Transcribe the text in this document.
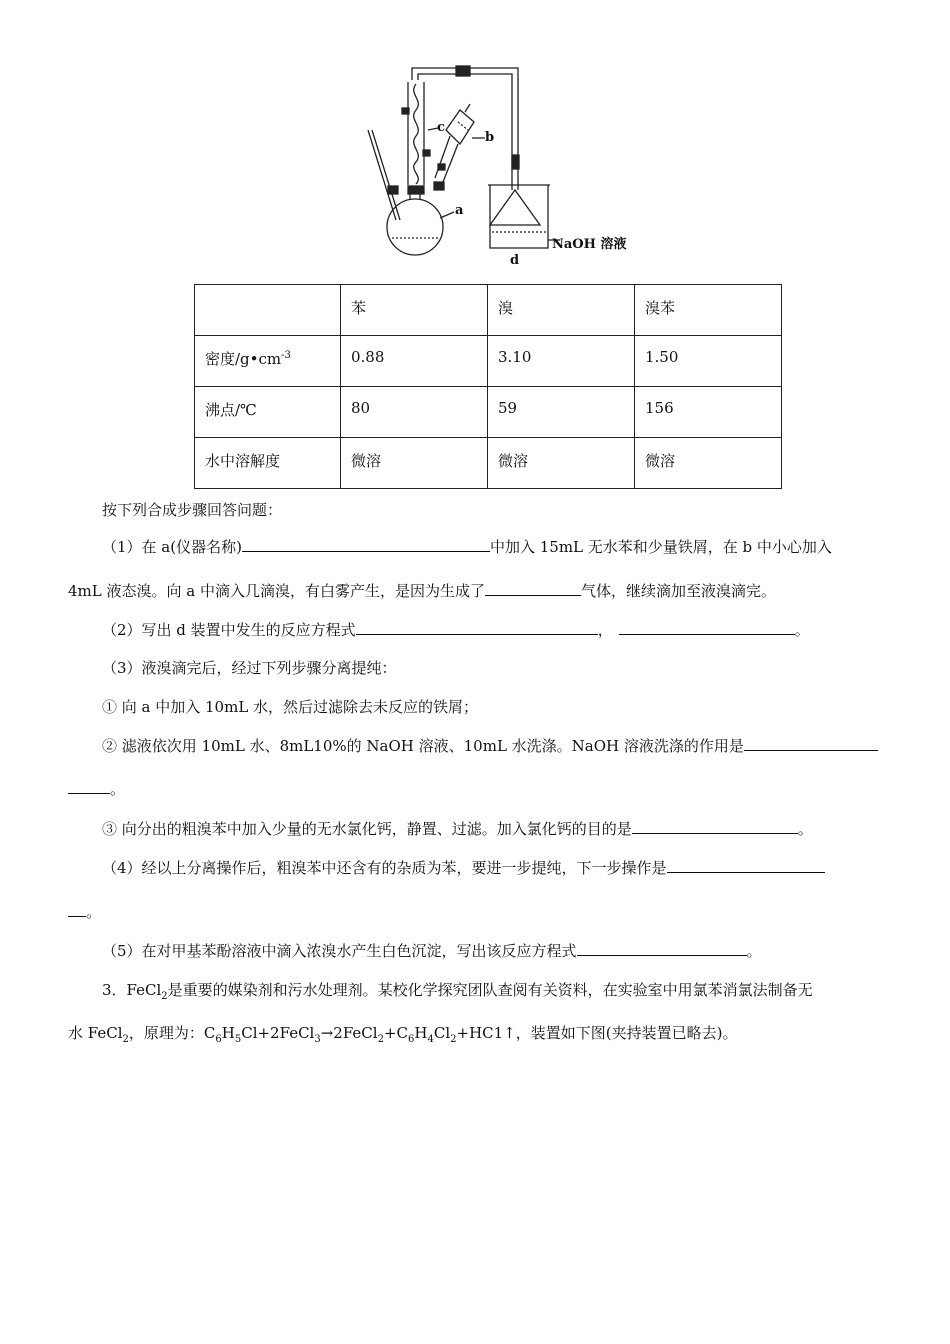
c
b
a
NaOH 溶液
d
	苯	溴	溴苯
密度$/g•cm^{-3}$	0.88	3.10	1.50
沸点/℃	80	59	156
水中溶解度	微溶	微溶	微溶
按下列合成步骤回答问题：
（1）在 a(仪器名称)	中加入 15mL 无水苯和少量铁屑，在 b 中小心加入
4mL 液态溴。向 a 中滴入几滴溴，有白雾产生，是因为生成了	气体，继续滴加至液溴滴完。
（2）写出 d 装置中发生的反应方程式	，	。
（3）液溴滴完后，经过下列步骤分离提纯：
① 向 a 中加入 10mL 水，然后过滤除去未反应的铁屑；
② 滤液依次用 10mL 水、8mL10%的 NaOH 溶液、10mL 水洗涤。NaOH 溶液洗涤的作用是
。
③ 向分出的粗溴苯中加入少量的无水氯化钙，静置、过滤。加入氯化钙的目的是	。
（4）经以上分离操作后，粗溴苯中还含有的杂质为苯，要进一步提纯，下一步操作是
。
（5）在对甲基苯酚溶液中滴入浓溴水产生白色沉淀，写出该反应方程式	。
3．FeCl$_2$是重要的媒染剂和污水处理剂。某校化学探究团队查阅有关资料，在实验室中用氯苯消氯法制备无
水 FeCl$_2$，原理为：$C_6H_5Cl+2FeCl_3\to 2FeCl_2+C_6H_4Cl_2+HC1↑$，装置如下图(夹持装置已略去)。
